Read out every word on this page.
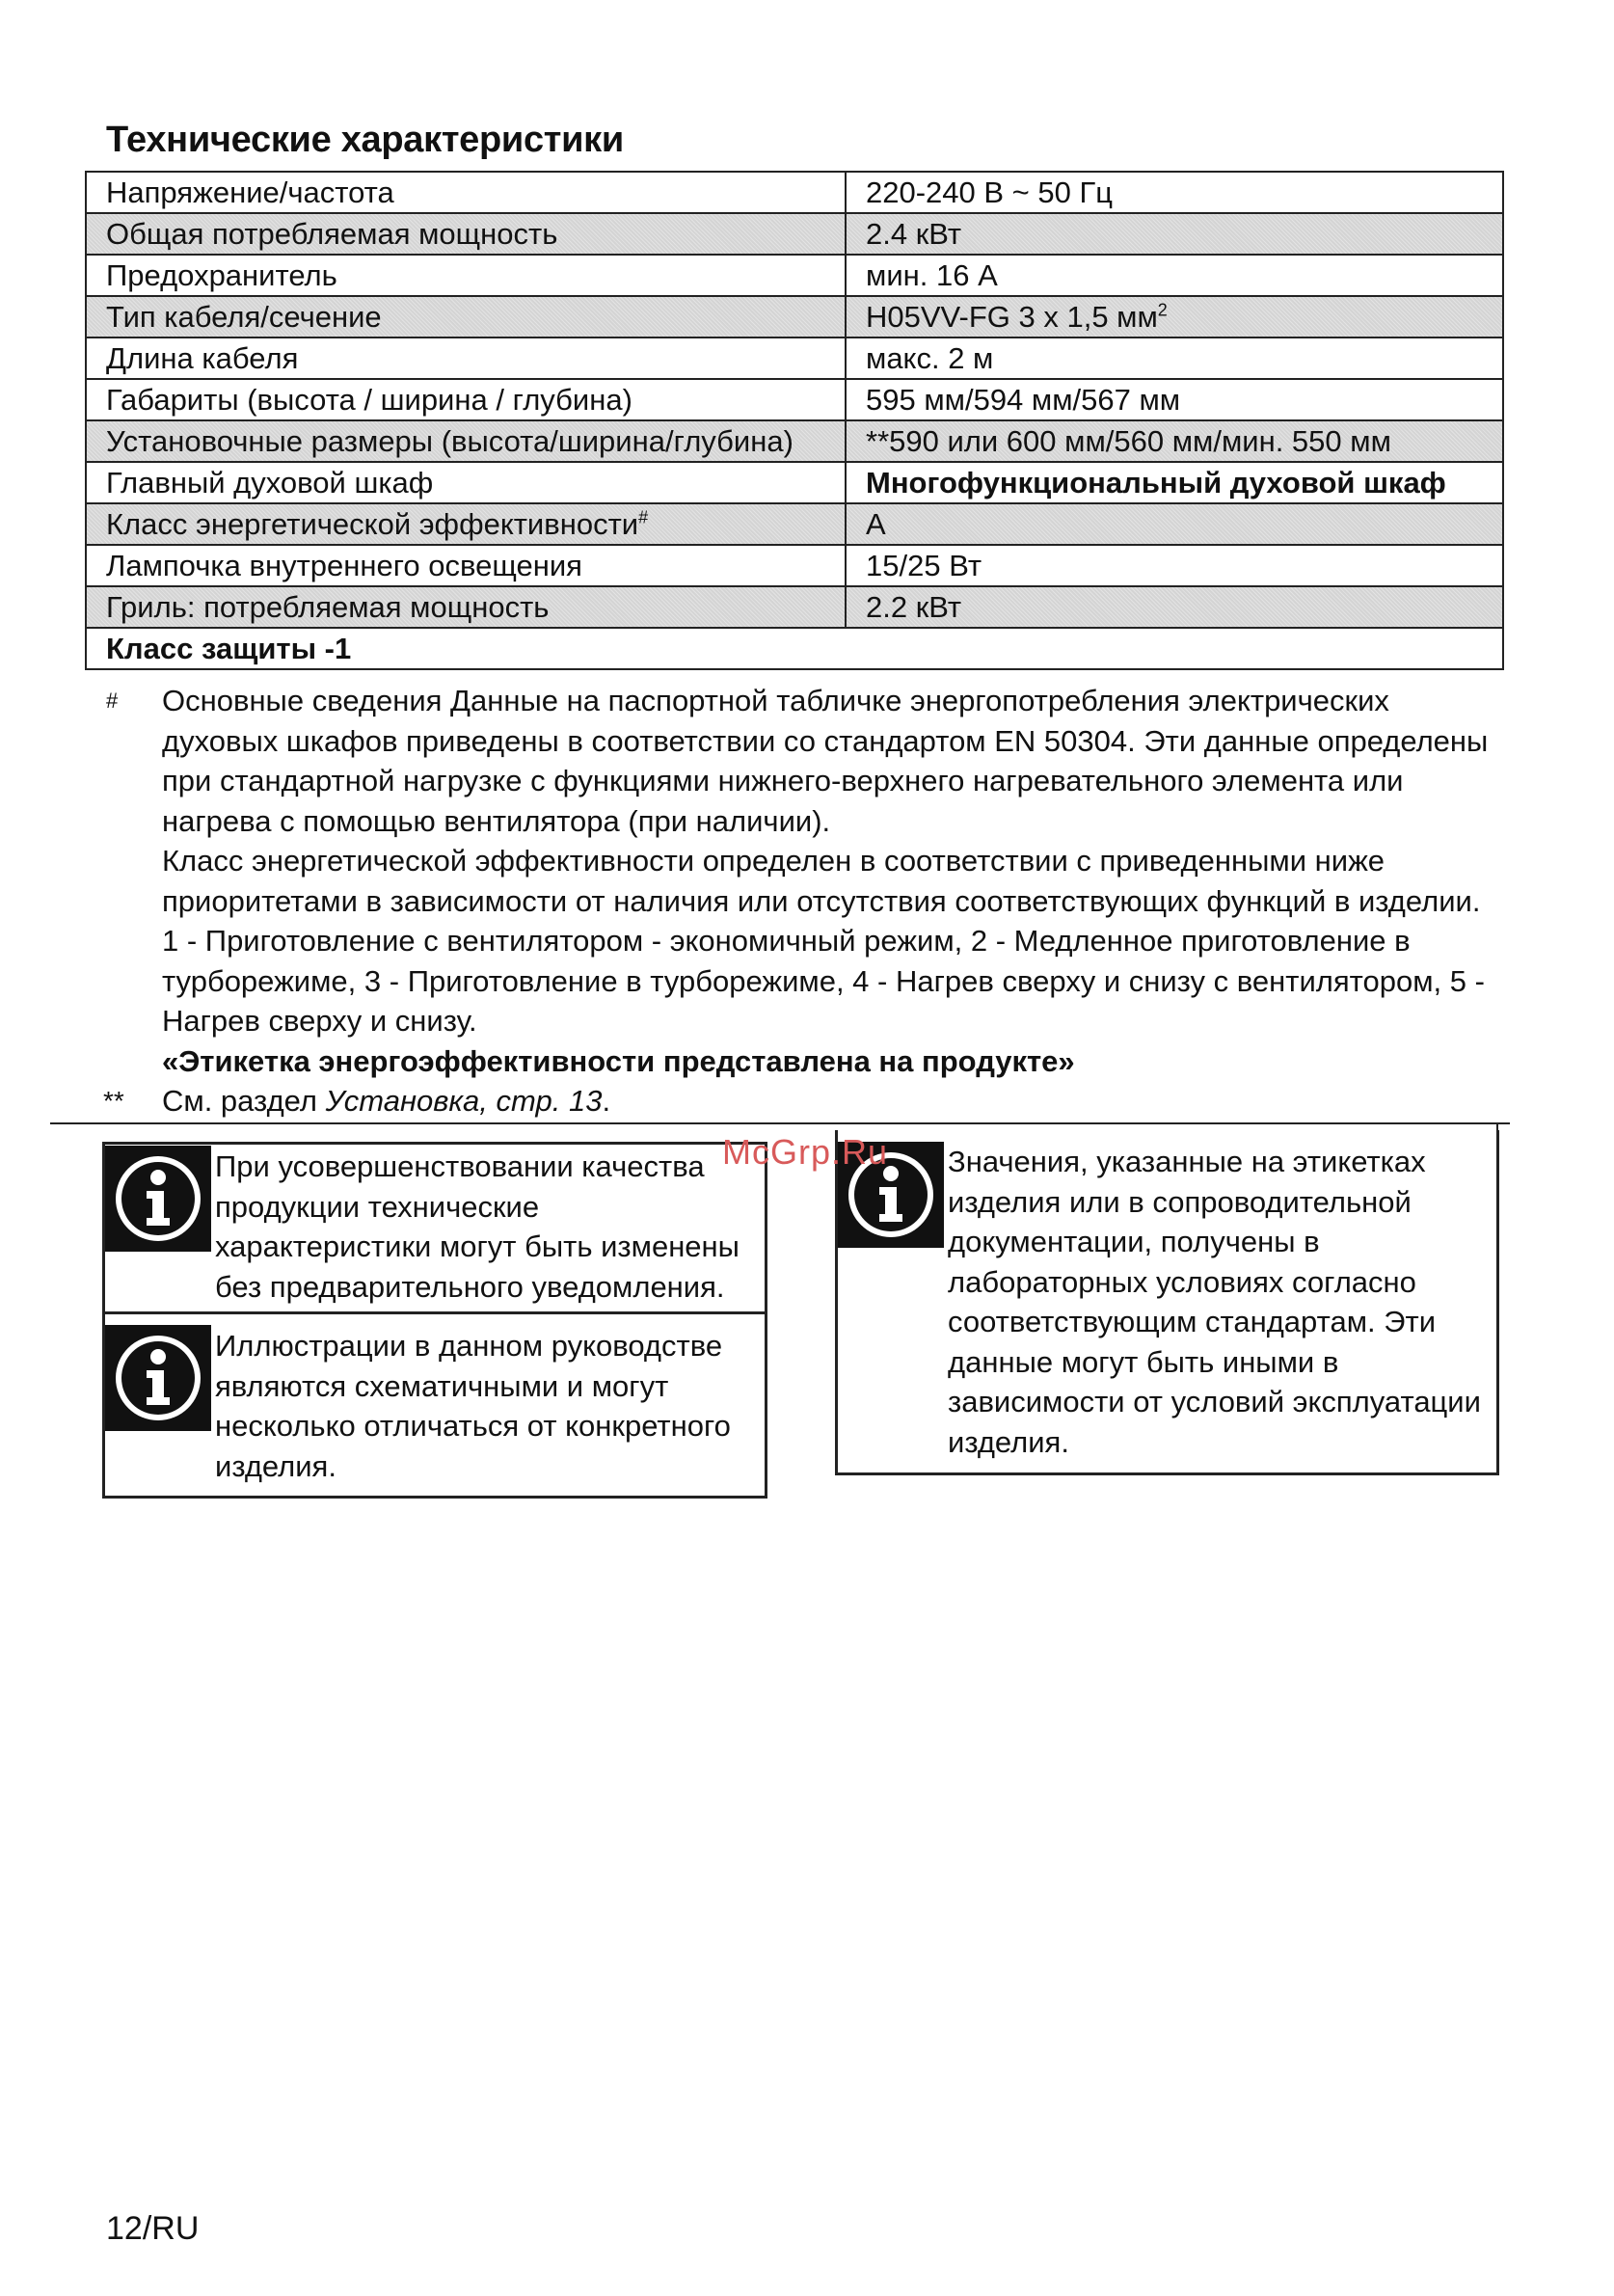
Технические характеристики
Напряжение/частота	220-240 В ~ 50 Гц
Общая потребляемая мощность	2.4 кВт
Предохранитель	мин. 16 А
Тип кабеля/сечение	H05VV-FG 3 x 1,5 $мм^2$
Длина кабеля	макс. 2 м
Габариты (высота / ширина / глубина)	595 мм/594 мм/567 мм
Установочные размеры (высота/ширина/глубина)	**590 или 600 мм/560 мм/мин. 550 мм
Главный духовой шкаф	Многофункциональный духовой шкаф
Класс энергетической эффективности#	A
Лампочка внутреннего освещения	15/25 Вт
Гриль: потребляемая мощность	2.2 кВт
Класс защиты -1	
# Основные сведения Данные на паспортной табличке энергопотребления электрических духовых шкафов приведены в соответствии со стандартом EN 50304. Эти данные определены при стандартной нагрузке с функциями нижнего-верхнего нагревательного элемента или нагрева с помощью вентилятора (при наличии).
Класс энергетической эффективности определен в соответствии с приведенными ниже приоритетами в зависимости от наличия или отсутствия соответствующих функций в изделии. 1 - Приготовление с вентилятором - экономичный режим, 2 - Медленное приготовление в турборежиме, 3 - Приготовление в турборежиме, 4 - Нагрев сверху и снизу с вентилятором, 5 - Нагрев сверху и снизу.
«Этикетка энергоэффективности представлена на продукте»
** См. раздел Установка, стр. 13.
При усовершенствовании качества продукции технические характеристики могут быть изменены без предварительного уведомления.
Иллюстрации в данном руководстве являются схематичными и могут несколько отличаться от конкретного изделия.
Значения, указанные на этикетках изделия или в сопроводительной документации, получены в лабораторных условиях согласно соответствующим стандартам. Эти данные могут быть иными в зависимости от условий эксплуатации изделия.
McGrp.Ru
12/RU
